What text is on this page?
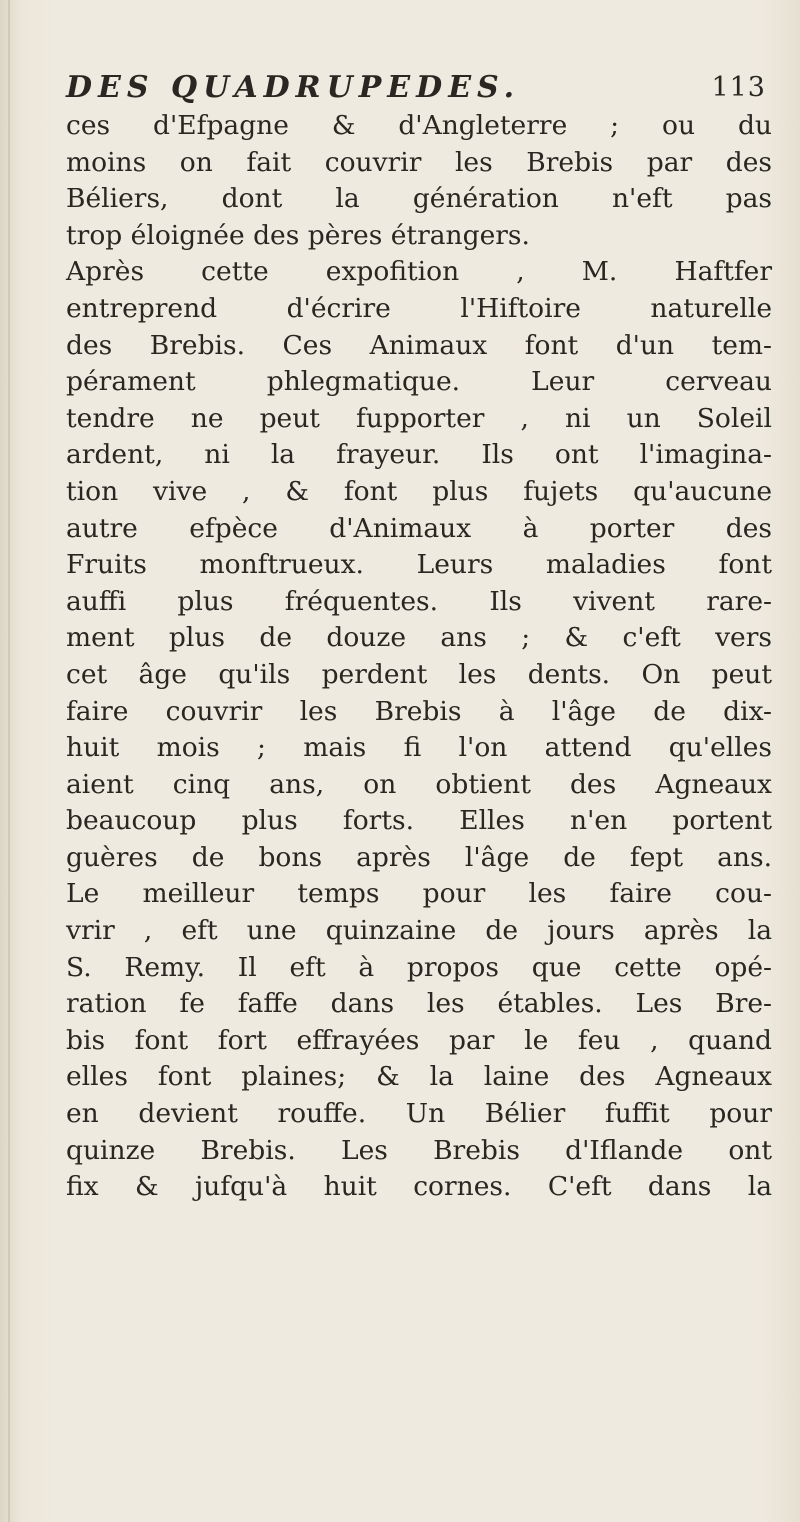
DES QUADRUPEDES.	113
ces d'Efpagne & d'Angleterre ; ou du
moins on fait couvrir les Brebis par des
Béliers, dont la génération n'eft pas
trop éloignée des pères étrangers.
Après cette expofition , M. Haftfer
entreprend d'écrire l'Hiftoire naturelle
des Brebis. Ces Animaux font d'un tem-
pérament phlegmatique. Leur cerveau
tendre ne peut fupporter , ni un Soleil
ardent, ni la frayeur. Ils ont l'imagina-
tion vive , & font plus fujets qu'aucune
autre efpèce d'Animaux à porter des
Fruits monftrueux. Leurs maladies font
auffi plus fréquentes. Ils vivent rare-
ment plus de douze ans ; & c'eft vers
cet âge qu'ils perdent les dents. On peut
faire couvrir les Brebis à l'âge de dix-
huit mois ; mais fi l'on attend qu'elles
aient cinq ans, on obtient des Agneaux
beaucoup plus forts. Elles n'en portent
guères de bons après l'âge de fept ans.
Le meilleur temps pour les faire cou-
vrir , eft une quinzaine de jours après la
S. Remy. Il eft à propos que cette opé-
ration fe faffe dans les étables. Les Bre-
bis font fort effrayées par le feu , quand
elles font plaines; & la laine des Agneaux
en devient rouffe. Un Bélier fuffit pour
quinze Brebis. Les Brebis d'Iflande ont
fix & jufqu'à huit cornes. C'eft dans la
